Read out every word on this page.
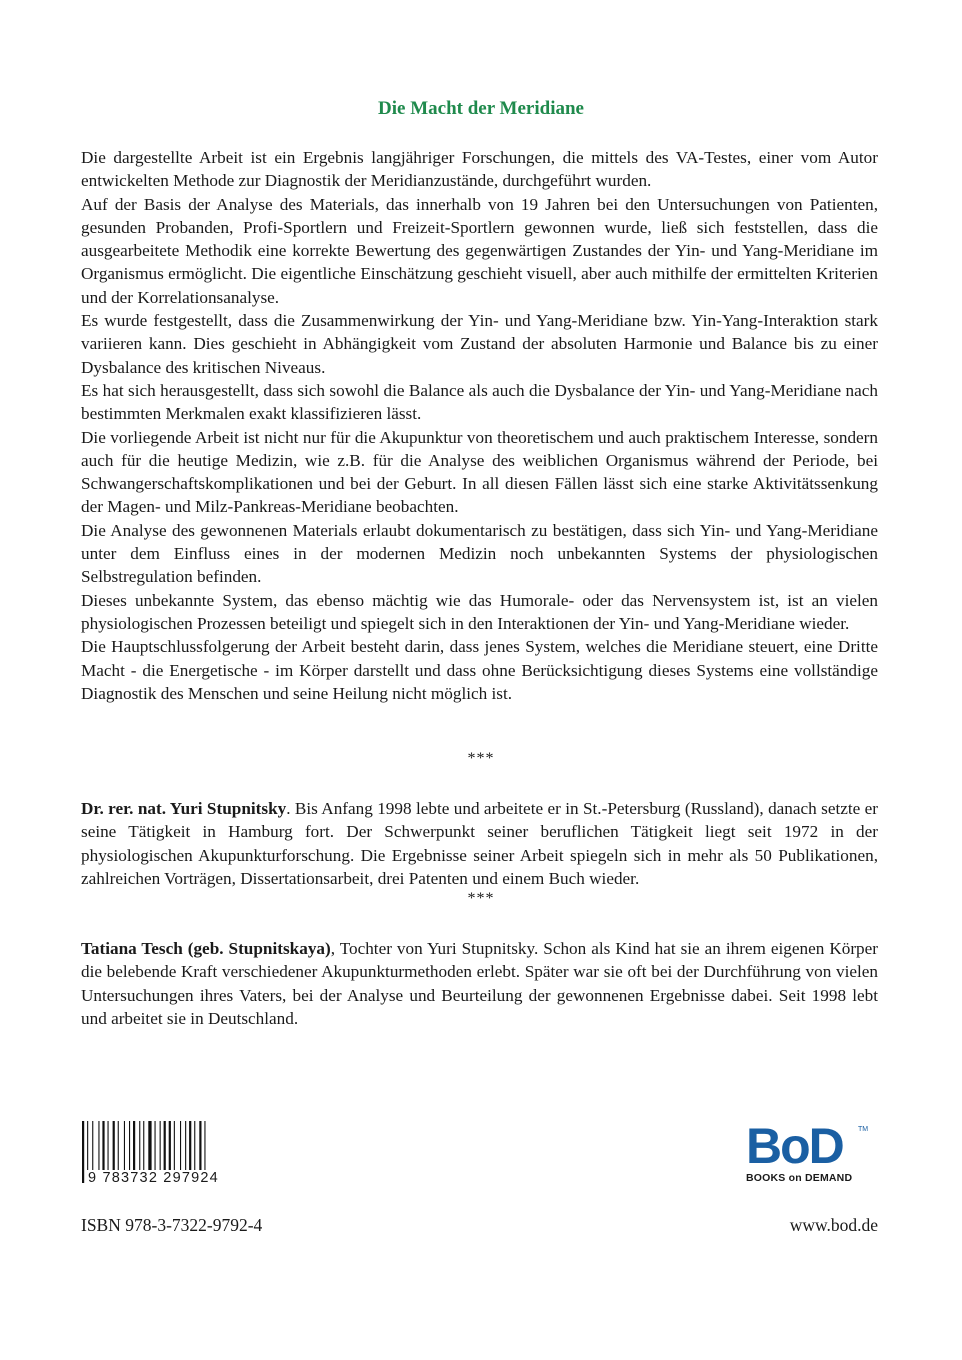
Die Macht der Meridiane

Die dargestellte Arbeit ist ein Ergebnis langjähriger Forschungen, die mittels des VA-Testes, einer vom Autor entwickelten Methode zur Diagnostik der Meridianzustände, durchgeführt wurden.

Auf der Basis der Analyse des Materials, das innerhalb von 19 Jahren bei den Untersuchungen von Patienten, gesunden Probanden, Profi-Sportlern und Freizeit-Sportlern gewonnen wurde, ließ sich feststellen, dass die ausgearbeitete Methodik eine korrekte Bewertung des gegenwärtigen Zustandes der Yin- und Yang-Meridiane im Organismus ermöglicht. Die eigentliche Einschätzung geschieht visuell, aber auch mithilfe der ermittelten Kriterien und der Korrelationsanalyse.

Es wurde festgestellt, dass die Zusammenwirkung der Yin- und Yang-Meridiane bzw. Yin-Yang-Interaktion stark variieren kann. Dies geschieht in Abhängigkeit vom Zustand der absoluten Harmonie und Balance bis zu einer Dysbalance des kritischen Niveaus.

Es hat sich herausgestellt, dass sich sowohl die Balance als auch die Dysbalance der Yin- und Yang-Meridiane nach bestimmten Merkmalen exakt klassifizieren lässt.

Die vorliegende Arbeit ist nicht nur für die Akupunktur von theoretischem und auch praktischem Interesse, sondern auch für die heutige Medizin, wie z.B. für die Analyse des weiblichen Organismus während der Periode, bei Schwangerschaftskomplikationen und bei der Geburt. In all diesen Fällen lässt sich eine starke Aktivitätssenkung der Magen- und Milz-Pankreas-Meridiane beobachten.

Die Analyse des gewonnenen Materials erlaubt dokumentarisch zu bestätigen, dass sich Yin- und Yang-Meridiane unter dem Einfluss eines in der modernen Medizin noch unbekannten Systems der physiologischen Selbstregulation befinden.

Dieses unbekannte System, das ebenso mächtig wie das Humorale- oder das Nervensystem ist, ist an vielen physiologischen Prozessen beteiligt und spiegelt sich in den Interaktionen der Yin- und Yang-Meridiane wieder.

Die Hauptschlussfolgerung der Arbeit besteht darin, dass jenes System, welches die Meridiane steuert, eine Dritte Macht - die Energetische - im Körper darstellt und dass ohne Berücksichtigung dieses Systems eine vollständige Diagnostik des Menschen und seine Heilung nicht möglich ist.

***

Dr. rer. nat. Yuri Stupnitsky. Bis Anfang 1998 lebte und arbeitete er in St.-Petersburg (Russland), danach setzte er seine Tätigkeit in Hamburg fort. Der Schwerpunkt seiner beruflichen Tätigkeit liegt seit 1972 in der physiologischen Akupunkturforschung. Die Ergebnisse seiner Arbeit spiegeln sich in mehr als 50 Publikationen, zahlreichen Vorträgen, Dissertationsarbeit, drei Patenten und einem Buch wieder.

***

Tatiana Tesch (geb. Stupnitskaya), Tochter von Yuri Stupnitsky. Schon als Kind hat sie an ihrem eigenen Körper die belebende Kraft verschiedener Akupunkturmethoden erlebt. Später war sie oft bei der Durchführung von vielen Untersuchungen ihres Vaters, bei der Analyse und Beurteilung der gewonnenen Ergebnisse dabei. Seit 1998 lebt und arbeitet sie in Deutschland.

9 783732 297924
BoD	TM
BOOKS on DEMAND
ISBN 978-3-7322-9792-4	www.bod.de
